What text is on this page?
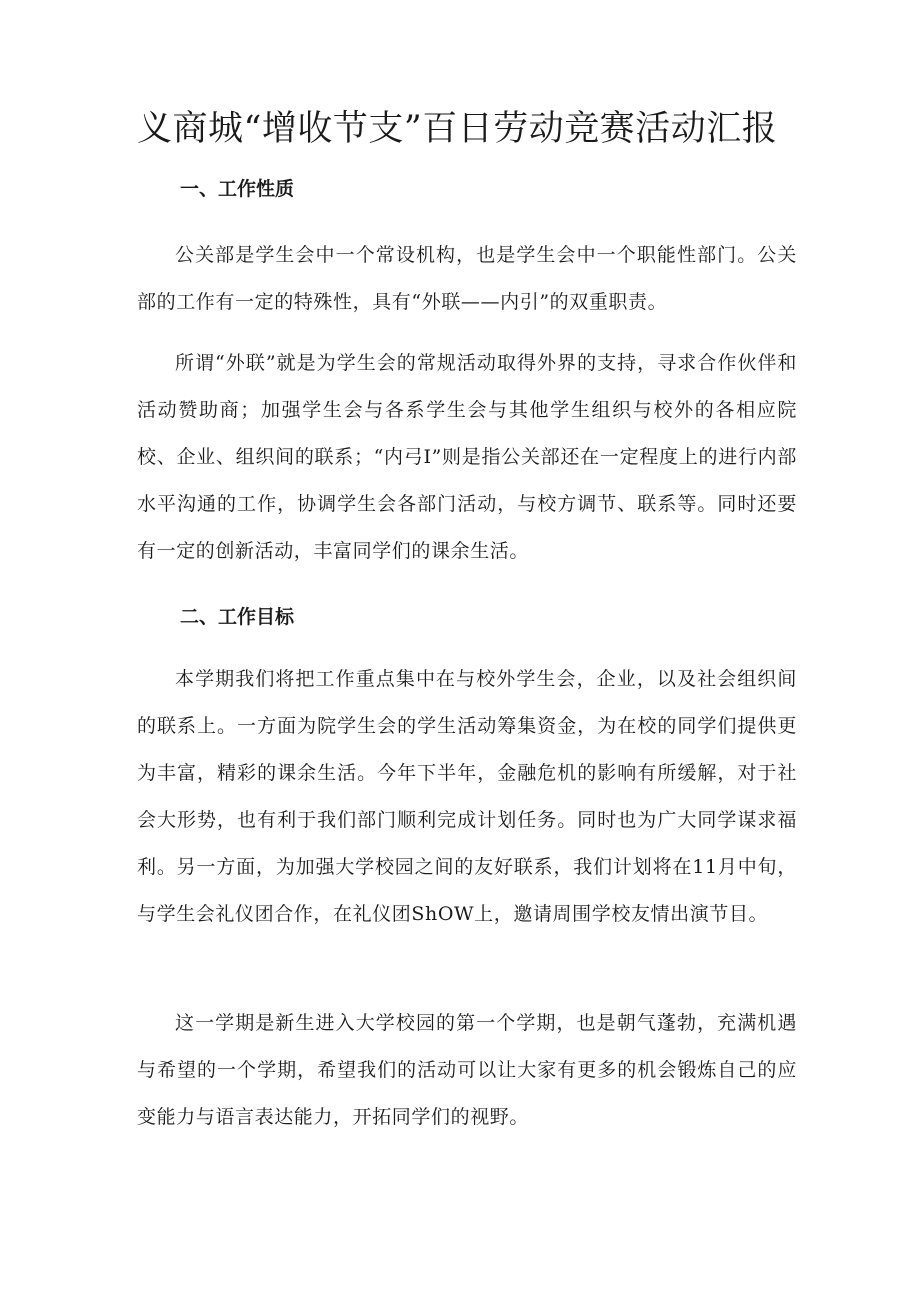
义商城“增收节支”百日劳动竞赛活动汇报
一、工作性质

公关部是学生会中一个常设机构，也是学生会中一个职能性部门。公关部的工作有一定的特殊性，具有“外联——内引”的双重职责。

所谓“外联”就是为学生会的常规活动取得外界的支持，寻求合作伙伴和活动赞助商；加强学生会与各系学生会与其他学生组织与校外的各相应院校、企业、组织间的联系；“内弓I”则是指公关部还在一定程度上的进行内部水平沟通的工作，协调学生会各部门活动，与校方调节、联系等。同时还要有一定的创新活动，丰富同学们的课余生活。

二、工作目标

本学期我们将把工作重点集中在与校外学生会，企业，以及社会组织间的联系上。一方面为院学生会的学生活动筹集资金，为在校的同学们提供更为丰富，精彩的课余生活。今年下半年，金融危机的影响有所缓解，对于社会大形势，也有利于我们部门顺利完成计划任务。同时也为广大同学谋求福利。另一方面，为加强大学校园之间的友好联系，我们计划将在11月中旬，与学生会礼仪团合作，在礼仪团ShOW上，邀请周围学校友情出演节目。

这一学期是新生进入大学校园的第一个学期，也是朝气蓬勃，充满机遇与希望的一个学期，希望我们的活动可以让大家有更多的机会锻炼自己的应变能力与语言表达能力，开拓同学们的视野。
